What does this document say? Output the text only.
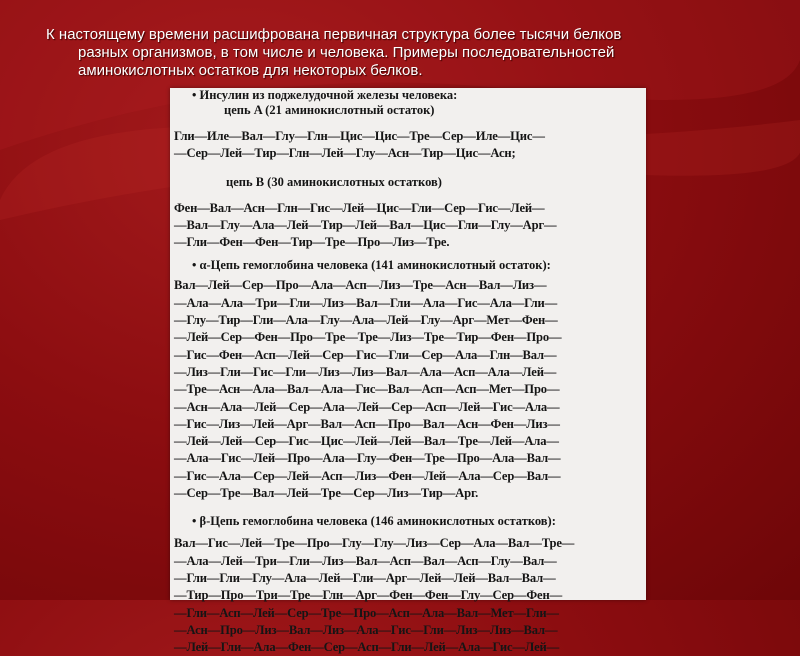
К настоящему времени расшифрована первичная структура более тысячи белков
разных организмов, в том числе и человека. Примеры последовательностей
аминокислотных остатков для некоторых белков.
• Инсулин из поджелудочной железы человека:
цепь A (21 аминокислотный остаток)
Гли—Иле—Вал—Глу—Глн—Цис—Цис—Тре—Сер—Иле—Цис—
—Сер—Лей—Тир—Глн—Лей—Глу—Асн—Тир—Цис—Асн;
цепь B (30 аминокислотных остатков)
Фен—Вал—Асн—Глн—Гис—Лей—Цис—Гли—Сер—Гис—Лей—
—Вал—Глу—Ала—Лей—Тир—Лей—Вал—Цис—Гли—Глу—Арг—
—Гли—Фен—Фен—Тир—Тре—Про—Лиз—Тре.
• α-Цепь гемоглобина человека (141 аминокислотный остаток):
Вал—Лей—Сер—Про—Ала—Асп—Лиз—Тре—Асн—Вал—Лиз—
—Ала—Ала—Три—Гли—Лиз—Вал—Гли—Ала—Гис—Ала—Гли—
—Глу—Тир—Гли—Ала—Глу—Ала—Лей—Глу—Арг—Мет—Фен—
—Лей—Сер—Фен—Про—Тре—Тре—Лиз—Тре—Тир—Фен—Про—
—Гис—Фен—Асп—Лей—Сер—Гис—Гли—Сер—Ала—Глн—Вал—
—Лиз—Гли—Гис—Гли—Лиз—Лиз—Вал—Ала—Асп—Ала—Лей—
—Тре—Асн—Ала—Вал—Ала—Гис—Вал—Асп—Асп—Мет—Про—
—Асн—Ала—Лей—Сер—Ала—Лей—Сер—Асп—Лей—Гис—Ала—
—Гис—Лиз—Лей—Арг—Вал—Асп—Про—Вал—Асн—Фен—Лиз—
—Лей—Лей—Сер—Гис—Цис—Лей—Лей—Вал—Тре—Лей—Ала—
—Ала—Гис—Лей—Про—Ала—Глу—Фен—Тре—Про—Ала—Вал—
—Гис—Ала—Сер—Лей—Асп—Лиз—Фен—Лей—Ала—Сер—Вал—
—Сер—Тре—Вал—Лей—Тре—Сер—Лиз—Тир—Арг.
• β-Цепь гемоглобина человека (146 аминокислотных остатков):
Вал—Гис—Лей—Тре—Про—Глу—Глу—Лиз—Сер—Ала—Вал—Тре—
—Ала—Лей—Три—Гли—Лиз—Вал—Асп—Вал—Асп—Глу—Вал—
—Гли—Гли—Глу—Ала—Лей—Гли—Арг—Лей—Лей—Вал—Вал—
—Тир—Про—Три—Тре—Глн—Арг—Фен—Фен—Глу—Сер—Фен—
—Гли—Асп—Лей—Сер—Тре—Про—Асп—Ала—Вал—Мет—Гли—
—Асн—Про—Лиз—Вал—Лиз—Ала—Гис—Гли—Лиз—Лиз—Вал—
—Лей—Гли—Ала—Фен—Сер—Асп—Гли—Лей—Ала—Гис—Лей—
